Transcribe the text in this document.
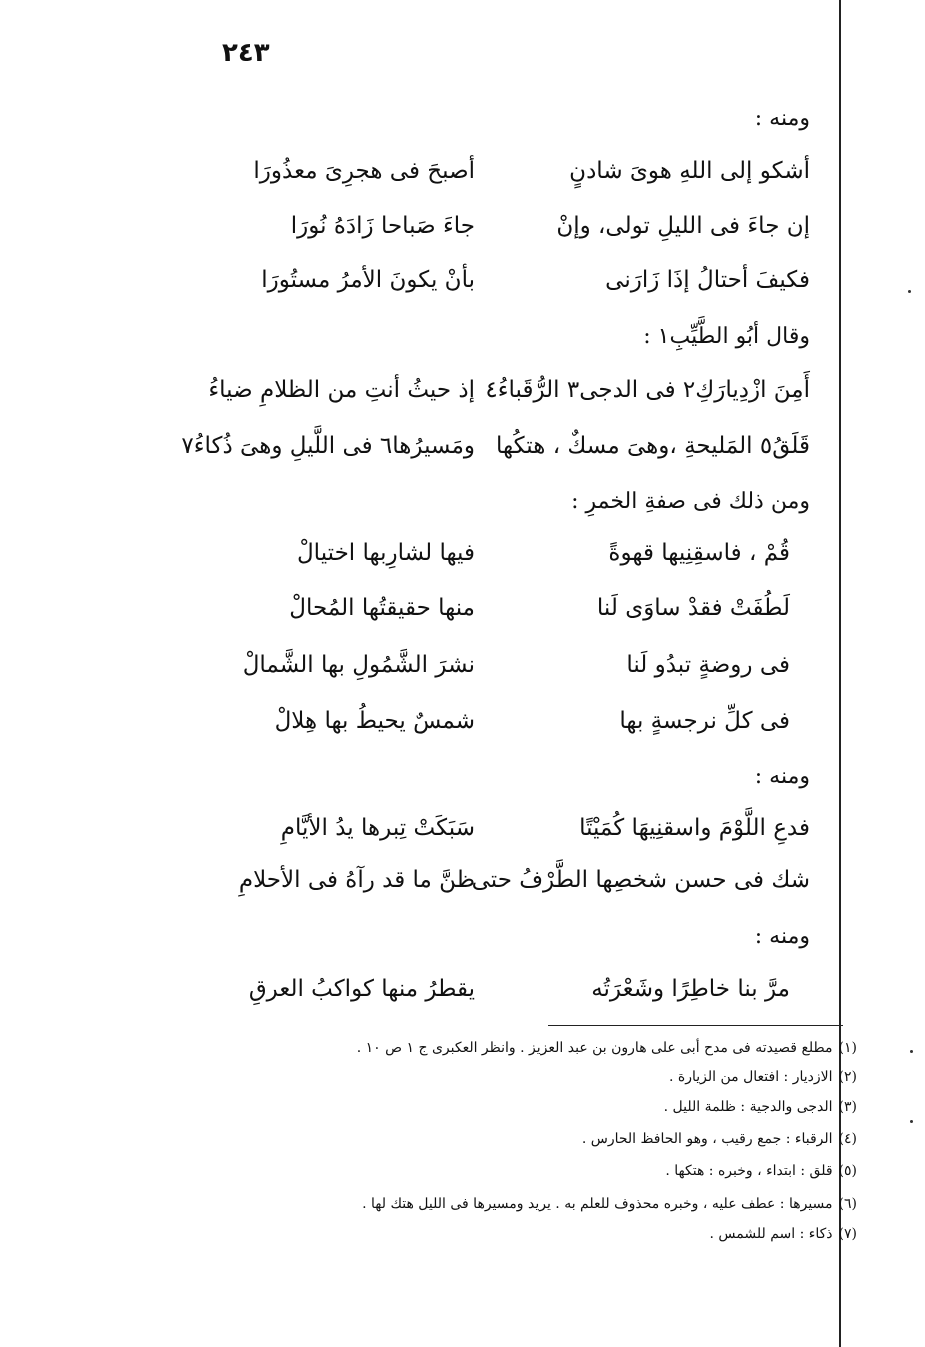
٢٤٣
ومنه :
أشكو إلى اللهِ هوىَ شادنٍ
أصبحَ فى هجرِىَ معذُورَا
إن جاءَ فى الليلِ تولى، وإنْ
جاءَ صَباحا زَادَهُ نُورَا
فكيفَ أحتالُ إذَا زَارَنى
بأنْ يكونَ الأمرُ مستُورَا
وقال أبُو الطَّيِّبِ١ :
أَمِنَ ازْدِيارَكِ٢ فى الدجى٣ الرُّقَباءُ٤
إذ حيثُ أنتِ من الظلامِ ضياءُ
قَلَقُ٥ المَليحةِ ،وهىَ مسكٌ ، هتكُها
ومَسيرُها٦ فى اللَّيلِ وهىَ ذُكاءُ٧
ومن ذلك فى صفةِ الخمرِ :
قُمْ ، فاسقِنِيها قهوةً
فيها لشارِبها اختيالْ
لَطُفَتْ فقدْ ساوَى لَنا
منها حقيقتُها المُحالْ
فى روضةٍ تبدُو لَنا
نشرَ الشَّمُولِ بها الشَّمالْ
فى كلِّ نرجسةٍ بها
شمسٌ يحيطُ بها هِلالْ
ومنه :
فدعِ اللَّوْمَ واسقنِيهَا كُمَيْتًا
سَبَكَتْ تِبرها يدُ الأيَّامِ
شك فى حسن شخصِها الطَّرْفُ حتى
ظنَّ ما قد رآهُ فى الأحلامِ
ومنه :
مرَّ بنا خاطِرًا وشَعْرَتُه
يقطرُ منها كواكبُ العرقِ
(١)مطلع قصيدته فى مدح أبى على هارون بن عبد العزيز . وانظر العكبرى ج ١ ص ١٠ .
(٢)الازديار : افتعال من الزيارة .
(٣)الدجى والدجية : ظلمة الليل .
(٤)الرقباء : جمع رقيب ، وهو الحافظ الحارس .
(٥)قلق : ابتداء ، وخبره : هتكها .
(٦)مسيرها : عطف عليه ، وخبره محذوف للعلم به . يريد ومسيرها فى الليل هتك لها .
(٧)ذكاء : اسم للشمس .
